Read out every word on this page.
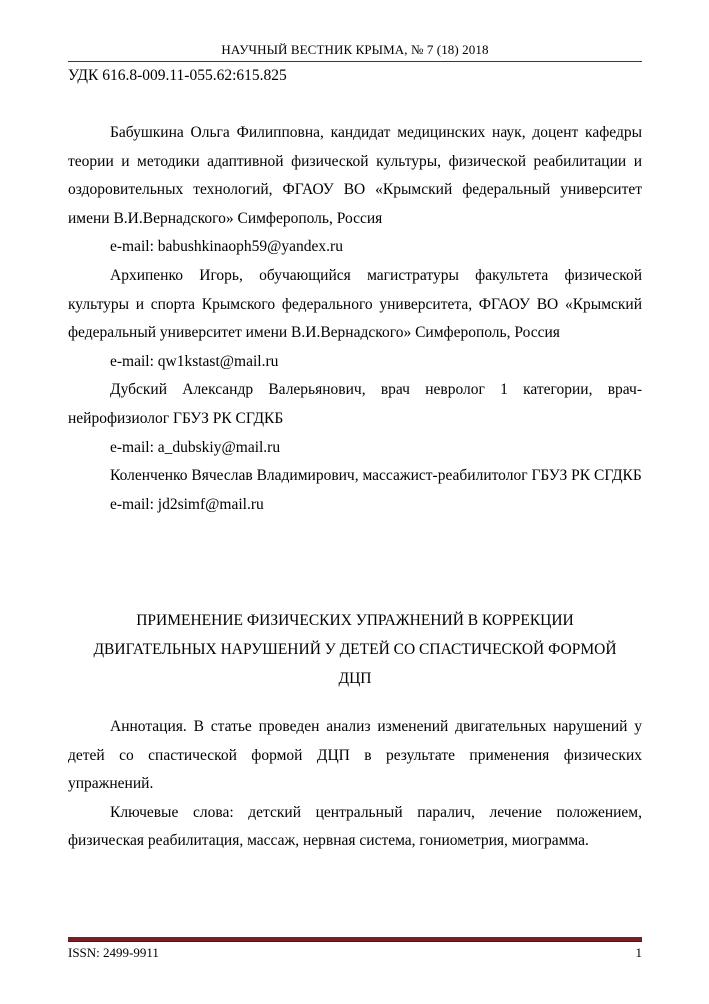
НАУЧНЫЙ ВЕСТНИК КРЫМА, № 7 (18) 2018
УДК 616.8-009.11-055.62:615.825

Бабушкина Ольга Филипповна, кандидат медицинских наук, доцент кафедры теории и методики адаптивной физической культуры, физической реабилитации и оздоровительных технологий, ФГАОУ ВО «Крымский федеральный университет имени В.И.Вернадского» Симферополь, Россия

e-mail: babushkinaoph59@yandex.ru

Архипенко Игорь, обучающийся магистратуры факультета физической культуры и спорта Крымского федерального университета, ФГАОУ ВО «Крымский федеральный университет имени В.И.Вернадского» Симферополь, Россия

e-mail: qw1kstast@mail.ru

Дубский Александр Валерьянович, врач невролог 1 категории, врач-нейрофизиолог ГБУЗ РК СГДКБ

e-mail: a_dubskiy@mail.ru

Коленченко Вячеслав Владимирович, массажист-реабилитолог ГБУЗ РК СГДКБ

e-mail: jd2simf@mail.ru

ПРИМЕНЕНИЕ ФИЗИЧЕСКИХ УПРАЖНЕНИЙ В КОРРЕКЦИИ
ДВИГАТЕЛЬНЫХ НАРУШЕНИЙ У ДЕТЕЙ СО СПАСТИЧЕСКОЙ ФОРМОЙ
ДЦП

Аннотация. В статье проведен анализ изменений двигательных нарушений у детей со спастической формой ДЦП в результате применения физических упражнений.

Ключевые слова: детский центральный паралич, лечение положением, физическая реабилитация, массаж, нервная система, гониометрия, миограмма.

ISSN: 2499-9911	1
